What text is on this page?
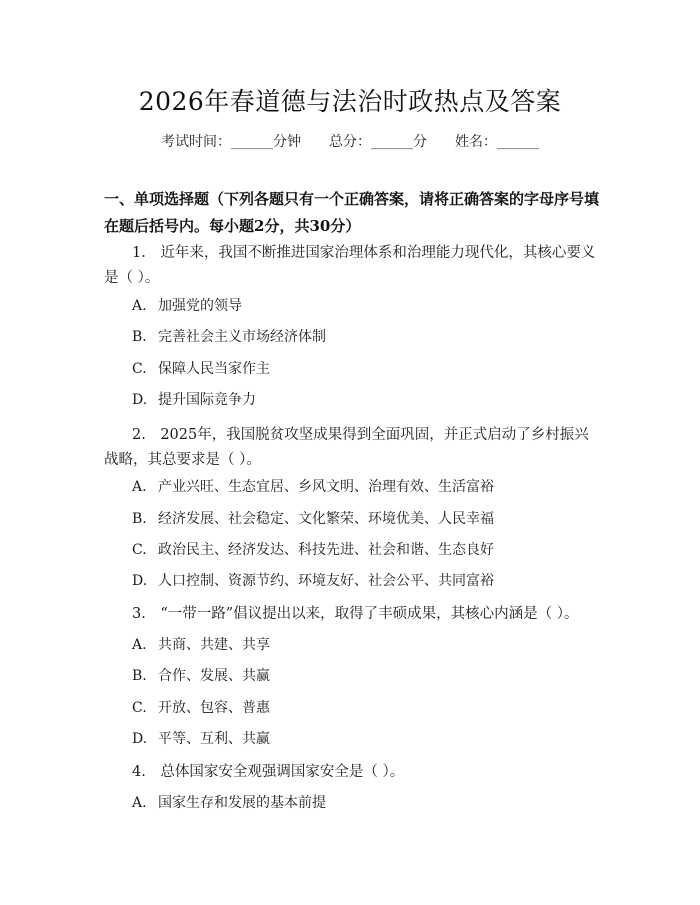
2026年春道德与法治时政热点及答案
考试时间：______分钟 总分：______分 姓名：______
一、单项选择题（下列各题只有一个正确答案，请将正确答案的字母序号填在题后括号内。每小题2分，共30分）
1.　近年来，我国不断推进国家治理体系和治理能力现代化，其核心要义是（ ）。
A. 加强党的领导
B. 完善社会主义市场经济体制
C. 保障人民当家作主
D. 提升国际竞争力
2.　2025年，我国脱贫攻坚成果得到全面巩固，并正式启动了乡村振兴战略，其总要求是（ ）。
A. 产业兴旺、生态宜居、乡风文明、治理有效、生活富裕
B. 经济发展、社会稳定、文化繁荣、环境优美、人民幸福
C. 政治民主、经济发达、科技先进、社会和谐、生态良好
D. 人口控制、资源节约、环境友好、社会公平、共同富裕
3.　“一带一路”倡议提出以来，取得了丰硕成果，其核心内涵是（ ）。
A. 共商、共建、共享
B. 合作、发展、共赢
C. 开放、包容、普惠
D. 平等、互利、共赢
4.　总体国家安全观强调国家安全是（ ）。
A. 国家生存和发展的基本前提
